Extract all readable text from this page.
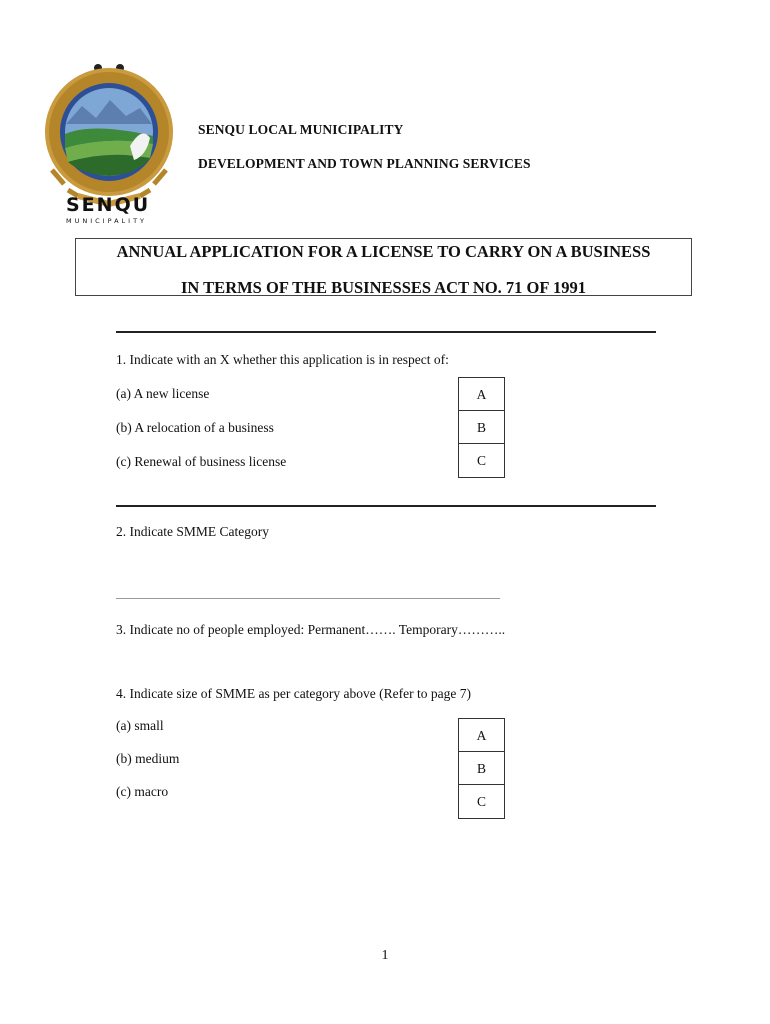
SENQU
MUNICIPALITY
SENQU LOCAL MUNICIPALITY
DEVELOPMENT AND TOWN PLANNING SERVICES
ANNUAL APPLICATION FOR A LICENSE TO CARRY ON A BUSINESS
IN TERMS OF THE BUSINESSES ACT NO. 71 OF 1991
1. Indicate with an X whether this application is in respect of:
(a) A new license
(b) A relocation of a business
(c) Renewal of business license
A
B
C
2. Indicate SMME Category
________________________________________________________________
3. Indicate no of people employed: Permanent……. Temporary………..
4. Indicate size of SMME as per category above (Refer to page 7)
(a) small
(b) medium
(c) macro
A
B
C
1
